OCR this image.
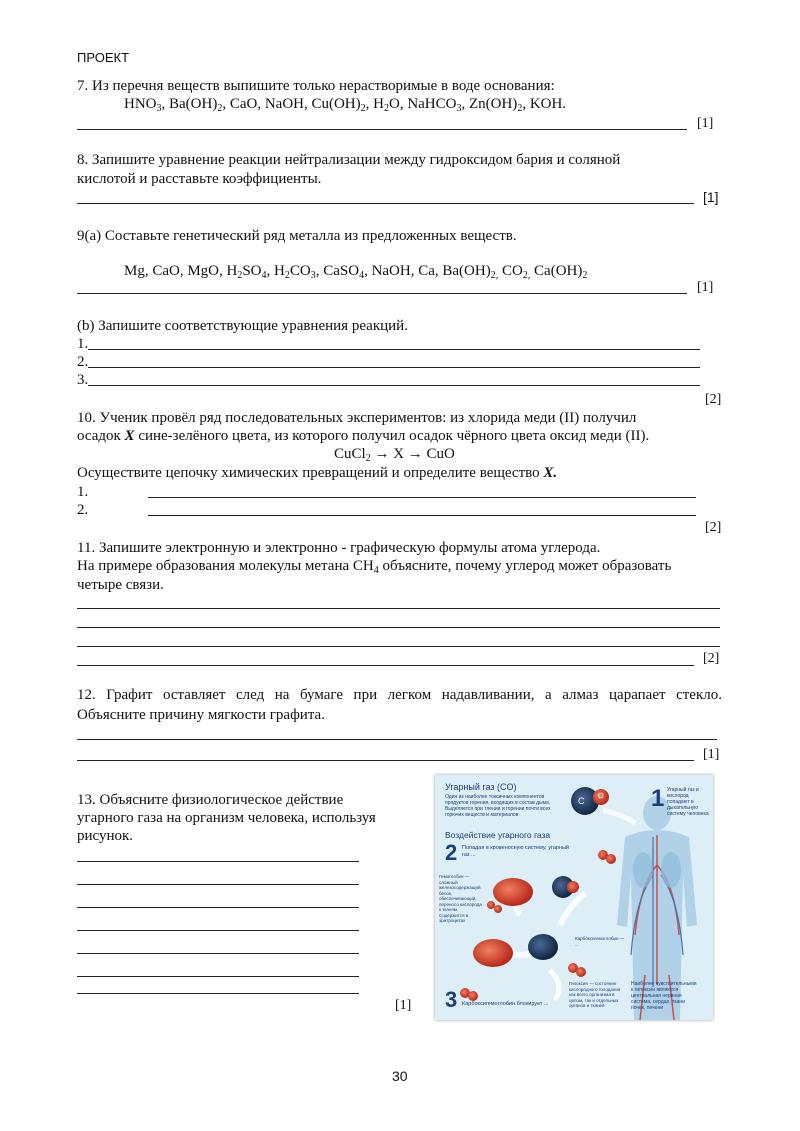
ПРОЕКТ
7. Из перечня веществ выпишите только нерастворимые в воде основания:
$HNO_3$, $Ba(OH)_2$, CaO, NaOH, $Cu(OH)_2$, $H_2O$, NaHCO$_3$, $Zn(OH)_2$, KOH.
[1]
8. Запишите уравнение реакции нейтрализации между гидроксидом бария и соляной
кислотой и расставьте коэффициенты.
[1]
9(a) Составьте генетический ряд металла из предложенных веществ.
Mg, CaO, MgO, $H_2SO_4$, $H_2CO_3$, CaSO$_4$, NaOH, Ca, $Ba(OH)_{2,}$ $CO_{2,}$ $Ca(OH)_2$
[1]
(b) Запишите соответствующие уравнения реакций.
1.
2.
3.
[2]
10. Ученик провёл ряд последовательных экспериментов: из хлорида меди (II) получил
осадок X сине-зелёного цвета, из которого получил осадок чёрного цвета оксид меди (II).
CuCl$_2$ → X → CuO
Осуществите цепочку химических превращений и определите вещество X.
1.
2.
[2]
11. Запишите электронную и электронно - графическую формулы атома углерода.
На примере образования молекулы метана $CH_4$ объясните, почему углерод может образовать
четыре связи.
[2]
12. Графит оставляет след на бумаге при легком надавливании, а алмаз царапает стекло.
Объясните причину мягкости графита.
[1]
13. Объясните физиологическое действие
угарного газа на организм человека, используя
рисунок.
[1]
Угарный газ (CO)
Один из наиболее токсичных компонентов продуктов горения, входящих в состав дыма. Выделяется при тлении и горении почти всех горючих веществ и материалов
Воздействие угарного газа
1 Угарный газ и кислород попадают в дыхательную систему человека
2 Попадая в кровеносную систему, угарный газ ...
Гемоглобин — сложный железосодержащий белок, обеспечивающий, переносо кислорода к тканям. Содержится в эритроцитах
Карбоксигемоглобин — ...
C O
3 Карбоксигемоглобин блокирует ...
Гипоксия — состояние кислородного голодания как всего организма в целом, так и отдельных органов и тканей
Наиболее чувствительными к гипоксии являются центральная нервная система, сердце, ткани почек, печени
30
